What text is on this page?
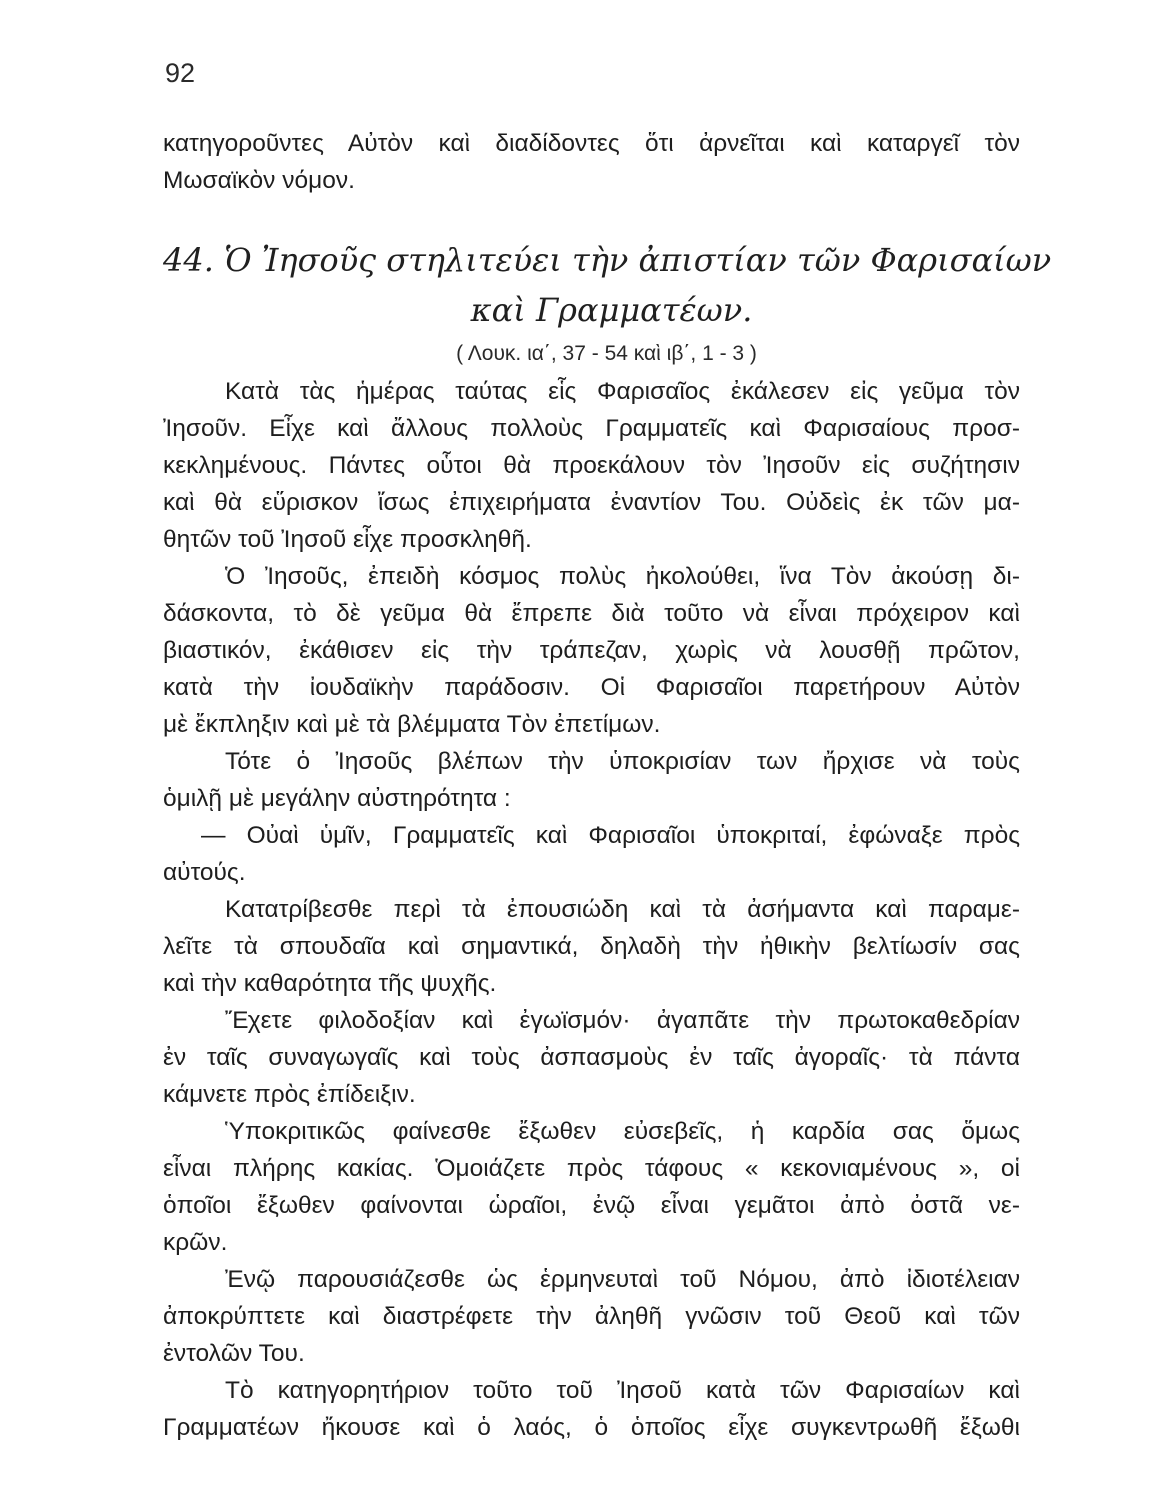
92
κατηγοροῦντες Αὐτὸν καὶ διαδίδοντες ὅτι ἀρνεῖται καὶ καταργεῖ τὸν
Μωσαϊκὸν νόμον.
44. Ὁ Ἰησοῦς στηλιτεύει τὴν ἀπιστίαν τῶν Φαρισαίων
καὶ Γραμματέων.
( Λουκ. ια΄, 37 - 54 καὶ ιβ΄, 1 - 3 )
Κατὰ τὰς ἡμέρας ταύτας εἷς Φαρισαῖος ἐκάλεσεν εἰς γεῦμα τὸν
Ἰησοῦν. Εἶχε καὶ ἄλλους πολλοὺς Γραμματεῖς καὶ Φαρισαίους προσ-
κεκλημένους. Πάντες οὗτοι θὰ προεκάλουν τὸν Ἰησοῦν εἰς συζήτησιν
καὶ θὰ εὕρισκον ἴσως ἐπιχειρήματα ἐναντίον Του. Οὐδεὶς ἐκ τῶν μα-
θητῶν τοῦ Ἰησοῦ εἶχε προσκληθῆ.
Ὁ Ἰησοῦς, ἐπειδὴ κόσμος πολὺς ἠκολούθει, ἵνα Τὸν ἀκούσῃ δι-
δάσκοντα, τὸ δὲ γεῦμα θὰ ἔπρεπε διὰ τοῦτο νὰ εἶναι πρόχειρον καὶ
βιαστικόν, ἐκάθισεν εἰς τὴν τράπεζαν, χωρὶς νὰ λουσθῇ πρῶτον,
κατὰ τὴν ἰουδαϊκὴν παράδοσιν. Οἱ Φαρισαῖοι παρετήρουν Αὐτὸν
μὲ ἔκπληξιν καὶ μὲ τὰ βλέμματα Τὸν ἐπετίμων.
Τότε ὁ Ἰησοῦς βλέπων τὴν ὑποκρισίαν των ἤρχισε νὰ τοὺς
ὁμιλῇ μὲ μεγάλην αὐστηρότητα :
— Οὐαὶ ὑμῖν, Γραμματεῖς καὶ Φαρισαῖοι ὑποκριταί, ἐφώναξε πρὸς
αὐτούς.
Κατατρίβεσθε περὶ τὰ ἐπουσιώδη καὶ τὰ ἀσήμαντα καὶ παραμε-
λεῖτε τὰ σπουδαῖα καὶ σημαντικά, δηλαδὴ τὴν ἠθικὴν βελτίωσίν σας
καὶ τὴν καθαρότητα τῆς ψυχῆς.
Ἔχετε φιλοδοξίαν καὶ ἐγωϊσμόν· ἀγαπᾶτε τὴν πρωτοκαθεδρίαν
ἐν ταῖς συναγωγαῖς καὶ τοὺς ἀσπασμοὺς ἐν ταῖς ἀγοραῖς· τὰ πάντα
κάμνετε πρὸς ἐπίδειξιν.
Ὑποκριτικῶς φαίνεσθε ἔξωθεν εὐσεβεῖς, ἡ καρδία σας ὅμως
εἶναι πλήρης κακίας. Ὁμοιάζετε πρὸς τάφους « κεκονιαμένους », οἱ
ὁποῖοι ἔξωθεν φαίνονται ὡραῖοι, ἐνῷ εἶναι γεμᾶτοι ἀπὸ ὀστᾶ νε-
κρῶν.
Ἐνῷ παρουσιάζεσθε ὡς ἑρμηνευταὶ τοῦ Νόμου, ἀπὸ ἰδιοτέλειαν
ἀποκρύπτετε καὶ διαστρέφετε τὴν ἀληθῆ γνῶσιν τοῦ Θεοῦ καὶ τῶν
ἐντολῶν Του.
Τὸ κατηγορητήριον τοῦτο τοῦ Ἰησοῦ κατὰ τῶν Φαρισαίων καὶ
Γραμματέων ἤκουσε καὶ ὁ λαός, ὁ ὁποῖος εἶχε συγκεντρωθῆ ἔξωθι
